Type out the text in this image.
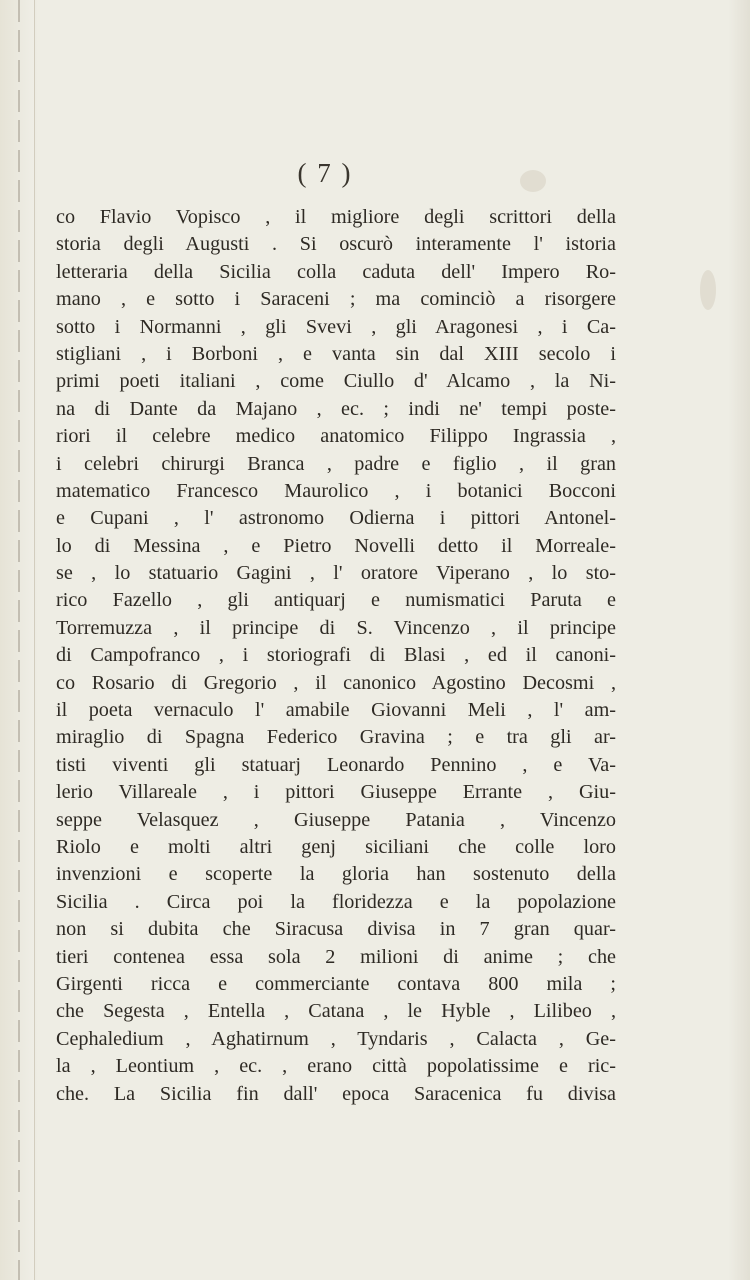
( 7 )
co Flavio Vopisco , il migliore degli scrittori della
storia degli Augusti . Si oscurò interamente l' istoria
letteraria della Sicilia colla caduta dell' Impero Ro-
mano , e sotto i Saraceni ; ma cominciò a risorgere
sotto i Normanni , gli Svevi , gli Aragonesi , i Ca-
stigliani , i Borboni , e vanta sin dal XIII secolo i
primi poeti italiani , come Ciullo d' Alcamo , la Ni-
na di Dante da Majano , ec. ; indi ne' tempi poste-
riori il celebre medico anatomico Filippo Ingrassia ,
i celebri chirurgi Branca , padre e figlio , il gran
matematico Francesco Maurolico , i botanici Bocconi
e Cupani , l' astronomo Odierna i pittori Antonel-
lo di Messina , e Pietro Novelli detto il Morreale-
se , lo statuario Gagini , l' oratore Viperano , lo sto-
rico Fazello , gli antiquarj e numismatici Paruta e
Torremuzza , il principe di S. Vincenzo , il principe
di Campofranco , i storiografi di Blasi , ed il canoni-
co Rosario di Gregorio , il canonico Agostino Decosmi ,
il poeta vernaculo l' amabile Giovanni Meli , l' am-
miraglio di Spagna Federico Gravina ; e tra gli ar-
tisti viventi gli statuarj Leonardo Pennino , e Va-
lerio Villareale , i pittori Giuseppe Errante , Giu-
seppe Velasquez , Giuseppe Patania , Vincenzo
Riolo e molti altri genj siciliani che colle loro
invenzioni e scoperte la gloria han sostenuto della
Sicilia . Circa poi la floridezza e la popolazione
non si dubita che Siracusa divisa in 7 gran quar-
tieri contenea essa sola 2 milioni di anime ; che
Girgenti ricca e commerciante contava 800 mila ;
che Segesta , Entella , Catana , le Hyble , Lilibeo ,
Cephaledium , Aghatirnum , Tyndaris , Calacta , Ge-
la , Leontium , ec. , erano città popolatissime e ric-
che. La Sicilia fin dall' epoca Saracenica fu divisa
